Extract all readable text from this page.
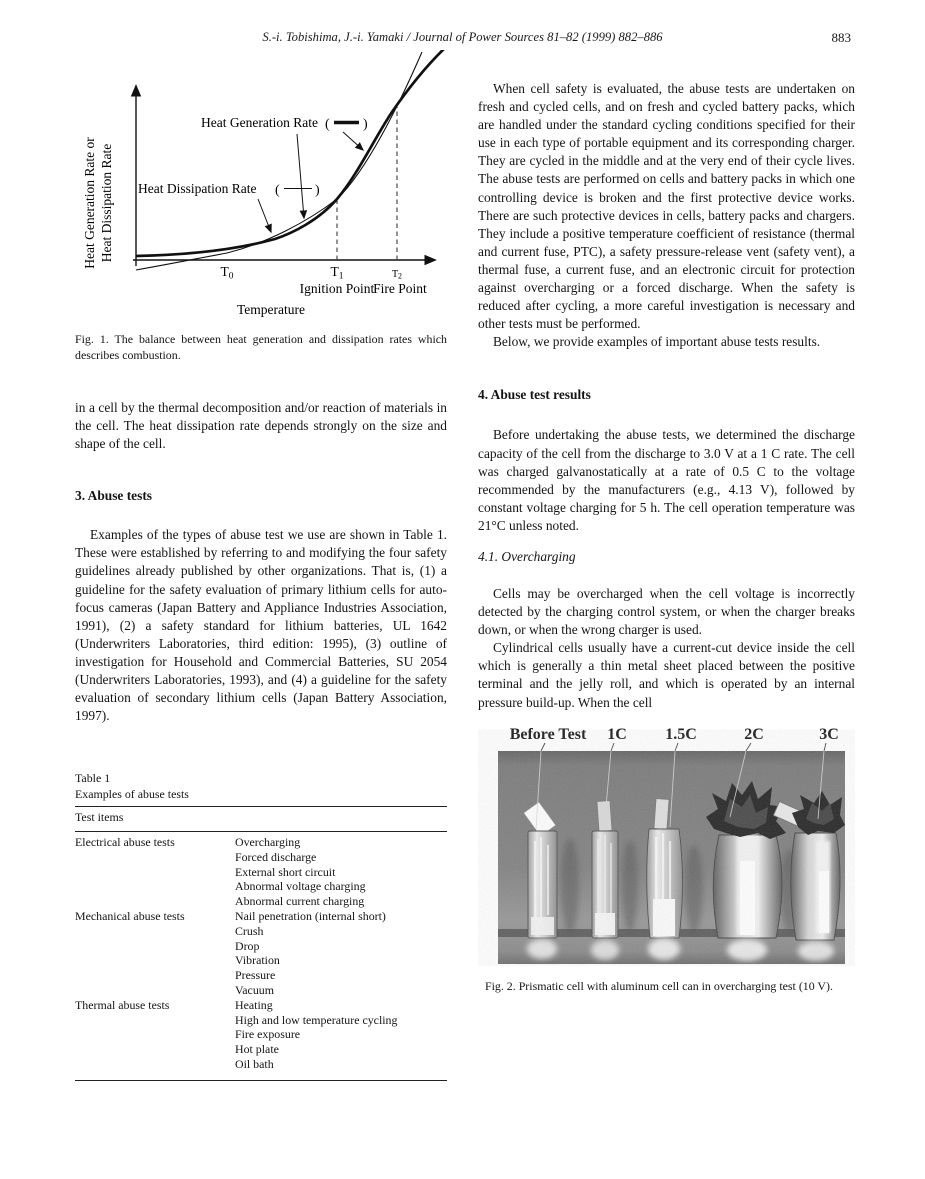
S.-i. Tobishima, J.-i. Yamaki / Journal of Power Sources 81–82 (1999) 882–886	883
Heat Generation Rate ( )
Heat Dissipation Rate (	)
T0	T1	T2
Ignition Point
Fire Point
Temperature
Heat Generation Rate or Heat Dissipation Rate
Fig. 1. The balance between heat generation and dissipation rates which describes combustion.

in a cell by the thermal decomposition and/or reaction of materials in the cell. The heat dissipation rate depends strongly on the size and shape of the cell.

3. Abuse tests

Examples of the types of abuse test we use are shown in Table 1. These were established by referring to and modifying the four safety guidelines already published by other organizations. That is, (1) a guideline for the safety evaluation of primary lithium cells for auto-focus cameras (Japan Battery and Appliance Industries Association, 1991), (2) a safety standard for lithium batteries, UL 1642 (Underwriters Laboratories, third edition: 1995), (3) outline of investigation for Household and Commercial Batteries, SU 2054 (Underwriters Laboratories, 1993), and (4) a guideline for the safety evaluation of secondary lithium cells (Japan Battery Association, 1997).

Table 1
Examples of abuse tests
Test items
Electrical abuse tests	Overcharging
Forced discharge
External short circuit
Abnormal voltage charging
Abnormal current charging
Mechanical abuse tests	Nail penetration (internal short)
Crush
Drop
Vibration
Pressure
Vacuum
Thermal abuse tests	Heating
High and low temperature cycling
Fire exposure
Hot plate
Oil bath

When cell safety is evaluated, the abuse tests are undertaken on fresh and cycled cells, and on fresh and cycled battery packs, which are handled under the standard cycling conditions specified for their use in each type of portable equipment and its corresponding charger. They are cycled in the middle and at the very end of their cycle lives. The abuse tests are performed on cells and battery packs in which one controlling device is broken and the first protective device works. There are such protective devices in cells, battery packs and chargers. They include a positive temperature coefficient of resistance (thermal and current fuse, PTC), a safety pressure-release vent (safety vent), a thermal fuse, a current fuse, and an electronic circuit for protection against overcharging or a forced discharge. When the safety is reduced after cycling, a more careful investigation is necessary and other tests must be performed.

Below, we provide examples of important abuse tests results.

4. Abuse test results

Before undertaking the abuse tests, we determined the discharge capacity of the cell from the discharge to 3.0 V at a 1 C rate. The cell was charged galvanostatically at a rate of 0.5 C to the voltage recommended by the manufacturers (e.g., 4.13 V), followed by constant voltage charging for 5 h. The cell operation temperature was 21°C unless noted.

4.1. Overcharging

Cells may be overcharged when the cell voltage is incorrectly detected by the charging control system, or when the charger breaks down, or when the wrong charger is used.

Cylindrical cells usually have a current-cut device inside the cell which is generally a thin metal sheet placed between the positive terminal and the jelly roll, and which is operated by an internal pressure build-up. When the cell

Before Test 1C 1.5C	2C	3C
Fig. 2. Prismatic cell with aluminum cell can in overcharging test (10 V).
